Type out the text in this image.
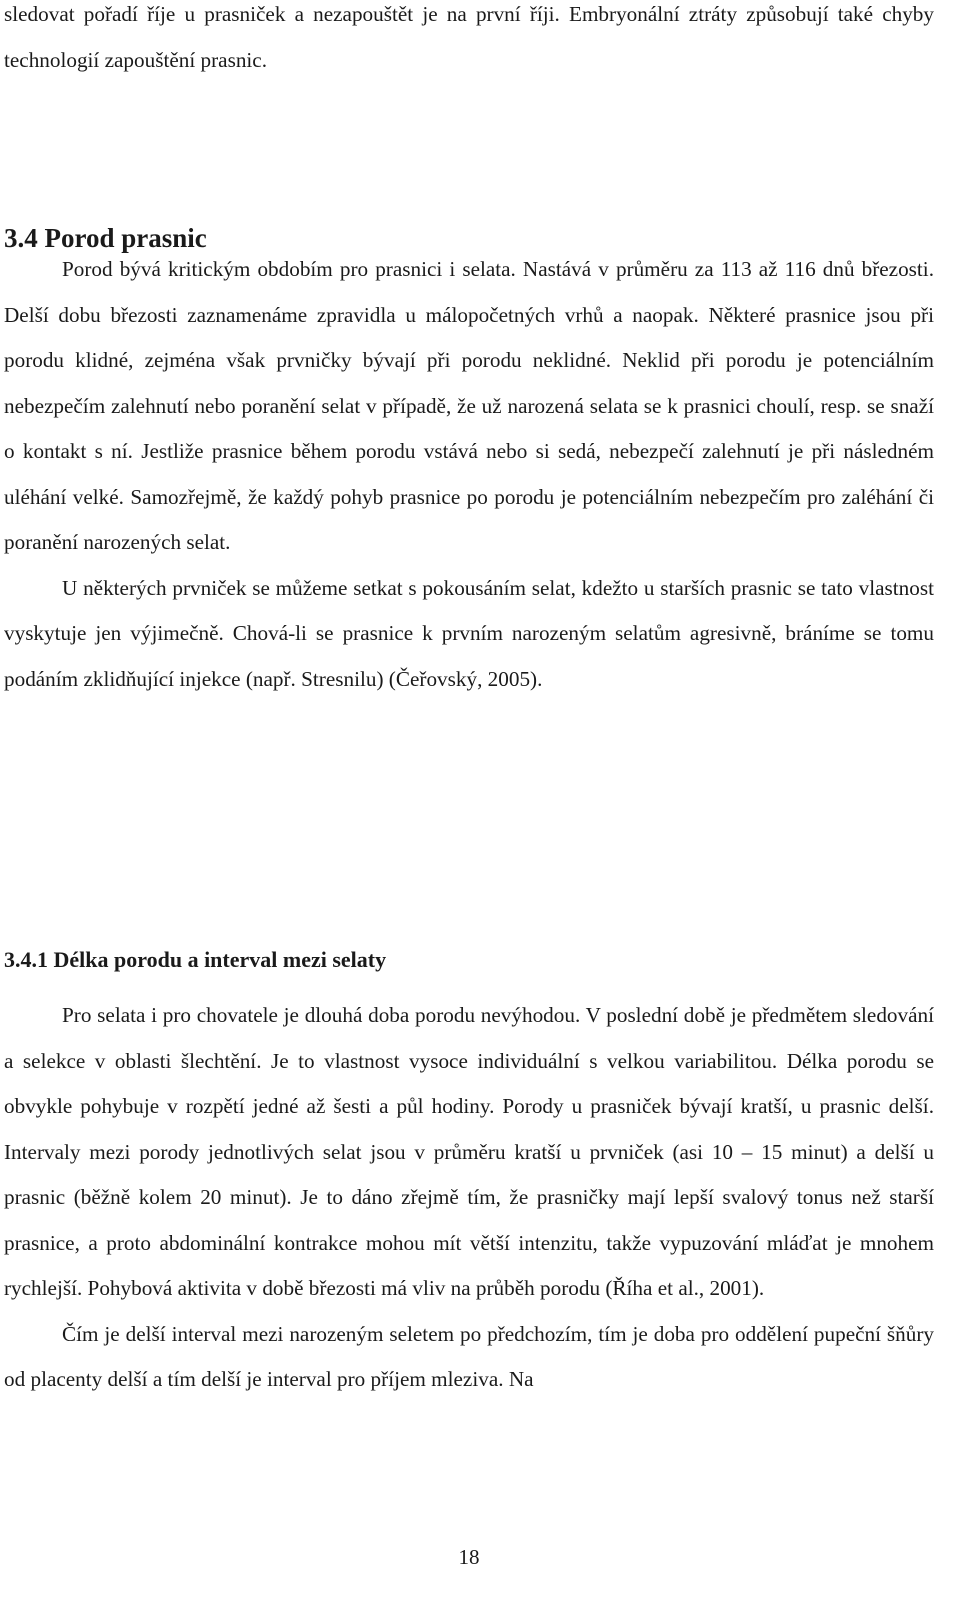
sledovat pořadí říje u prasniček a nezapouštět je na první říji. Embryonální ztráty způsobují také chyby technologií zapouštění prasnic.

3.4 Porod prasnic

Porod bývá kritickým obdobím pro prasnici i selata. Nastává v průměru za 113 až 116 dnů březosti. Delší dobu březosti zaznamenáme zpravidla u málopočetných vrhů a naopak. Některé prasnice jsou při porodu klidné, zejména však prvničky bývají při porodu neklidné. Neklid při porodu je potenciálním nebezpečím zalehnutí nebo poranění selat v případě, že už narozená selata se k prasnici choulí, resp. se snaží o kontakt s ní. Jestliže prasnice během porodu vstává nebo si sedá, nebezpečí zalehnutí je při následném uléhání velké. Samozřejmě, že každý pohyb prasnice po porodu je potenciálním nebezpečím pro zaléhání či poranění narozených selat.

U některých prvniček se můžeme setkat s pokousáním selat, kdežto u starších prasnic se tato vlastnost vyskytuje jen výjimečně. Chová-li se prasnice k prvním narozeným selatům agresivně, bráníme se tomu podáním zklidňující injekce (např. Stresnilu) (Čeřovský, 2005).

3.4.1 Délka porodu a interval mezi selaty

Pro selata i pro chovatele je dlouhá doba porodu nevýhodou. V poslední době je předmětem sledování a selekce v oblasti šlechtění. Je to vlastnost vysoce individuální s velkou variabilitou. Délka porodu se obvykle pohybuje v rozpětí jedné až šesti a půl hodiny. Porody u prasniček bývají kratší, u prasnic delší. Intervaly mezi porody jednotlivých selat jsou v průměru kratší u prvniček (asi 10 – 15 minut) a delší u prasnic (běžně kolem 20 minut). Je to dáno zřejmě tím, že prasničky mají lepší svalový tonus než starší prasnice, a proto abdominální kontrakce mohou mít větší intenzitu, takže vypuzování mláďat je mnohem rychlejší. Pohybová aktivita v době březosti má vliv na průběh porodu (Říha et al., 2001).

Čím je delší interval mezi narozeným seletem po předchozím, tím je doba pro oddělení pupeční šňůry od placenty delší a tím delší je interval pro příjem mleziva. Na

18
